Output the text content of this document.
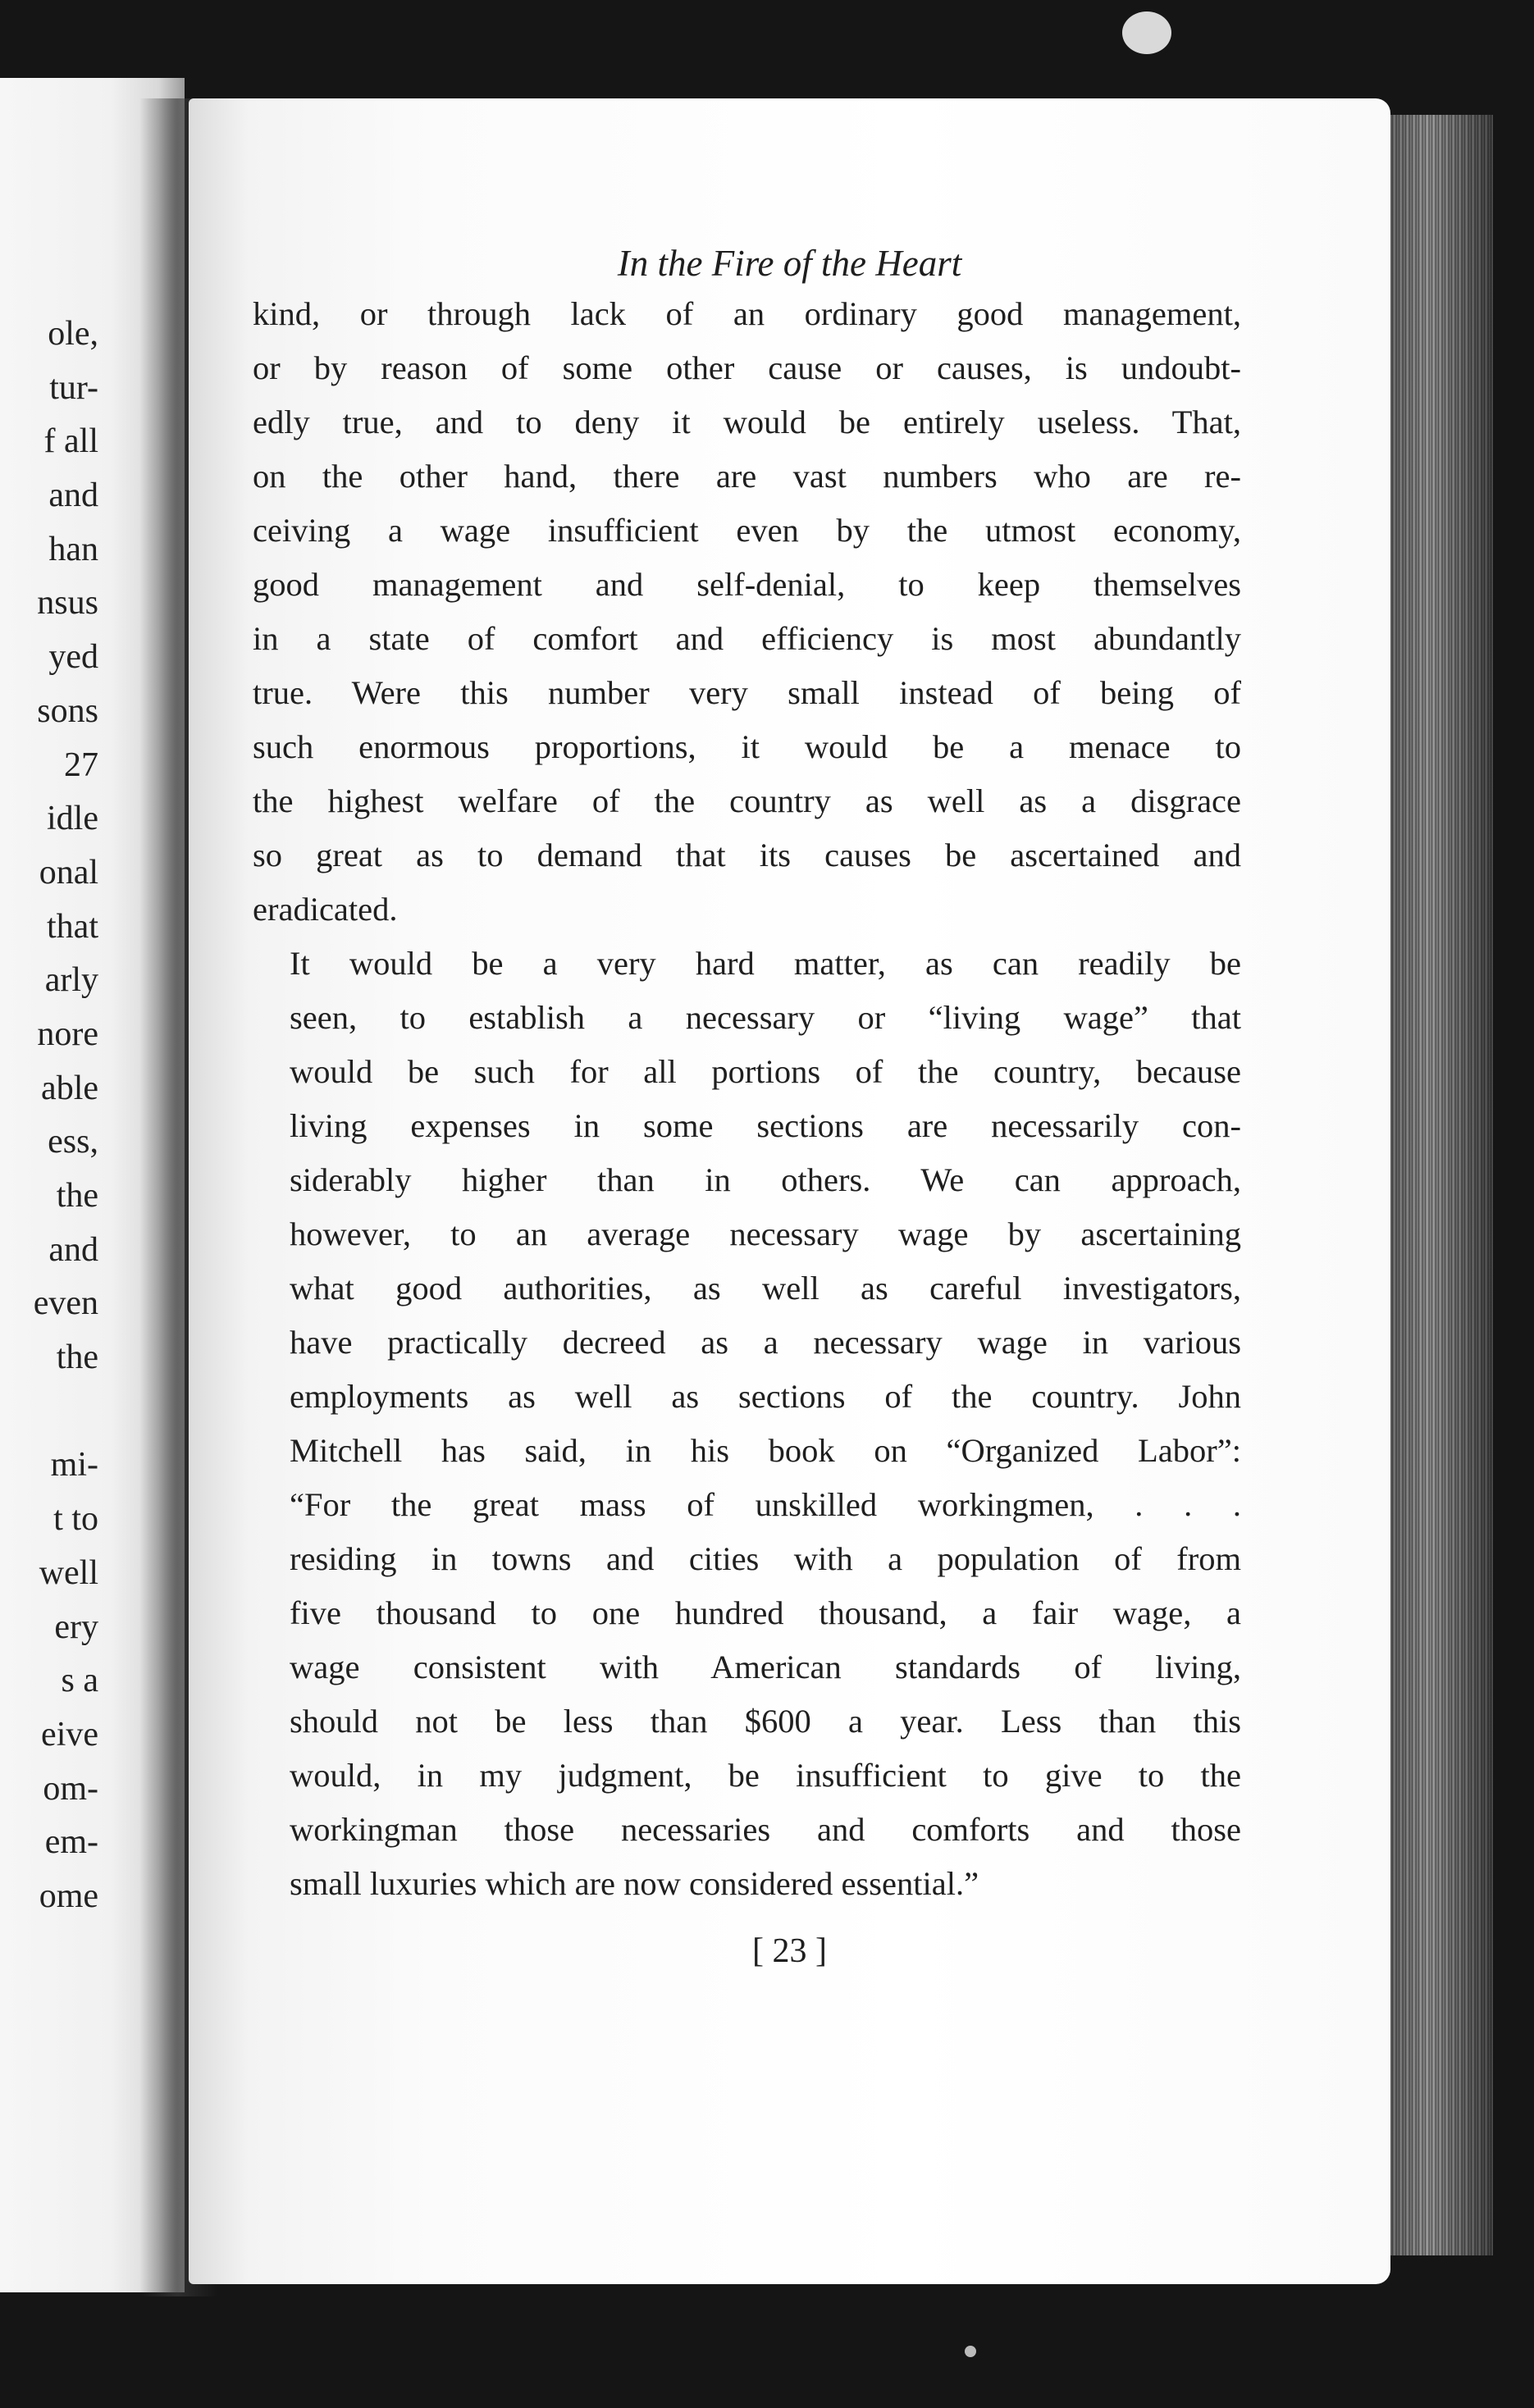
ole,
tur-
f all
and
han
nsus
yed
sons
27
idle
onal
that
arly
nore
able
ess,
the
and
even
the
mi-
t to
well
ery
s a
eive
om-
em-
ome
In the Fire of the Heart

kind, or through lack of an ordinary good management,
or by reason of some other cause or causes, is undoubt-
edly true, and to deny it would be entirely useless. That,
on the other hand, there are vast numbers who are re-
ceiving a wage insufficient even by the utmost economy,
good management and self-denial, to keep themselves
in a state of comfort and efficiency is most abundantly
true. Were this number very small instead of being of
such enormous proportions, it would be a menace to
the highest welfare of the country as well as a disgrace
so great as to demand that its causes be ascertained and
eradicated.

It would be a very hard matter, as can readily be
seen, to establish a necessary or “living wage” that
would be such for all portions of the country, because
living expenses in some sections are necessarily con-
siderably higher than in others. We can approach,
however, to an average necessary wage by ascertaining
what good authorities, as well as careful investigators,
have practically decreed as a necessary wage in various
employments as well as sections of the country. John
Mitchell has said, in his book on “Organized Labor”:
“For the great mass of unskilled workingmen, . . .
residing in towns and cities with a population of from
five thousand to one hundred thousand, a fair wage, a
wage consistent with American standards of living,
should not be less than $600 a year. Less than this
would, in my judgment, be insufficient to give to the
workingman those necessaries and comforts and those
small luxuries which are now considered essential.”

[ 23 ]
